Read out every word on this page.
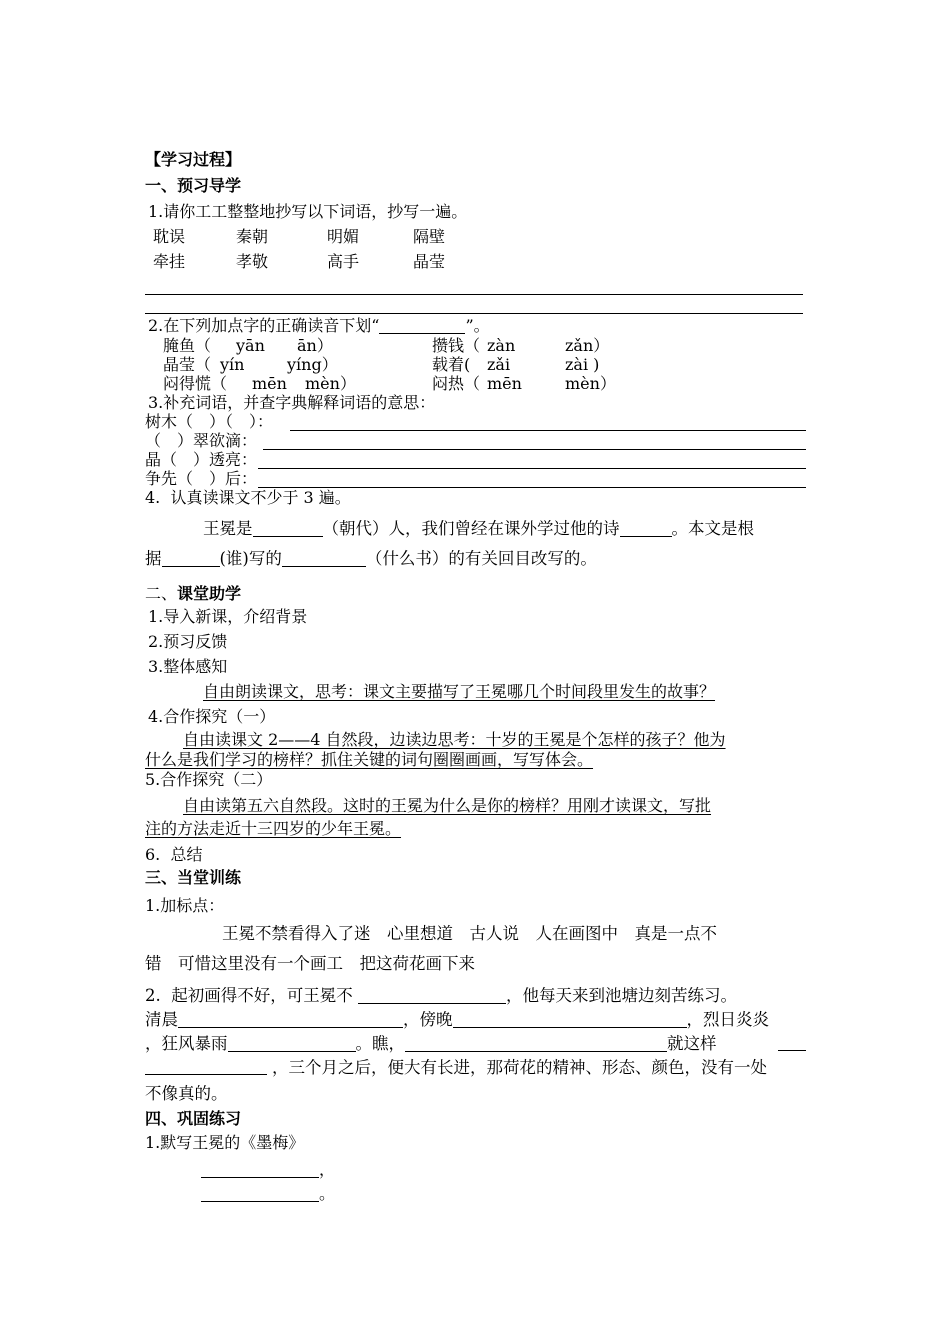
【学习过程】
一、预习导学
1.请你工工整整地抄写以下词语，抄写一遍。
耽误	秦朝	明媚	隔壁
牵挂	孝敬	高手	晶莹
2.在下列加点字的正确读音下划“	”。
腌鱼（ yān ān）	攒钱（ zàn	zǎn）
晶莹（ yín	yíng）	载着( zǎi	zài )
闷得慌（ mēn mèn）	闷热（ mēn	mèn）
3.补充词语，并查字典解释词语的意思：
树木（　）（　）：
（　）翠欲滴：
晶（　）透亮：
争先（　）后：
4.  认真读课文不少于 3 遍。
王冕是	（朝代）人，我们曾经在课外学过他的诗	。本文是根
据	(谁)写的	（什么书）的有关回目改写的。
二、课堂助学
1.导入新课，介绍背景
2.预习反馈
3.整体感知
自由朗读课文，思考：课文主要描写了王冕哪几个时间段里发生的故事？
4.合作探究（一）
自由读课文 2——4 自然段，边读边思考：十岁的王冕是个怎样的孩子？他为
什么是我们学习的榜样？抓住关键的词句圈圈画画，写写体会。
5.合作探究（二）
自由读第五六自然段。这时的王冕为什么是你的榜样？用刚才读课文，写批
注的方法走近十三四岁的少年王冕。
6.  总结
三、当堂训练
1.加标点：
王冕不禁看得入了迷　心里想道　古人说　人在画图中　真是一点不
错　可惜这里没有一个画工　把这荷花画下来
2.  起初画得不好，可王冕不	，他每天来到池塘边刻苦练习。
清晨	，傍晚	，烈日炎炎
，狂风暴雨	。瞧，	就这样
，三个月之后，便大有长进，那荷花的精神、形态、颜色，没有一处
不像真的。
四、巩固练习
1.默写王冕的《墨梅》
，
。
